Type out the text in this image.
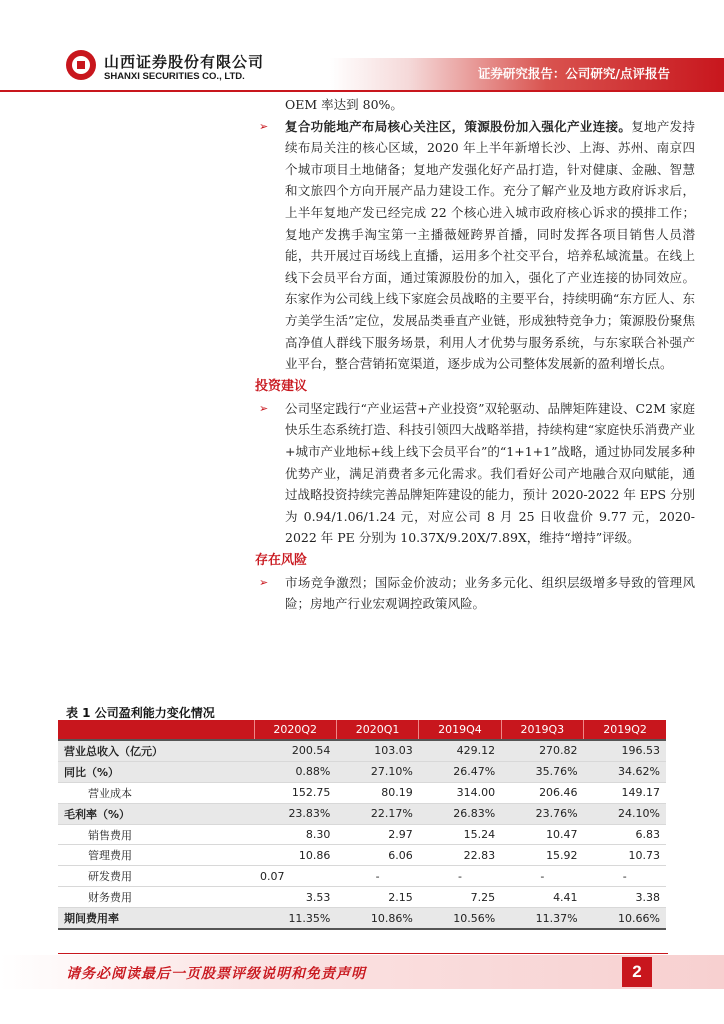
山西证券股份有限公司
SHANXI SECURITIES CO., LTD.	证券研究报告：公司研究/点评报告
OEM 率达到 80%。
➢ 复合功能地产布局核心关注区，策源股份加入强化产业连接。复地产发持续布局关注的核心区域，2020 年上半年新增长沙、上海、苏州、南京四个城市项目土地储备；复地产发强化好产品打造，针对健康、金融、智慧和文旅四个方向开展产品力建设工作。充分了解产业及地方政府诉求后，上半年复地产发已经完成 22 个核心进入城市政府核心诉求的摸排工作；复地产发携手淘宝第一主播薇娅跨界首播，同时发挥各项目销售人员潜能，共开展过百场线上直播，运用多个社交平台，培养私域流量。在线上线下会员平台方面，通过策源股份的加入，强化了产业连接的协同效应。东家作为公司线上线下家庭会员战略的主要平台，持续明确“东方匠人、东方美学生活”定位，发展品类垂直产业链，形成独特竞争力；策源股份聚焦高净值人群线下服务场景，利用人才优势与服务系统，与东家联合补强产业平台，整合营销拓宽渠道，逐步成为公司整体发展新的盈利增长点。
投资建议
➢ 公司坚定践行“产业运营+产业投资”双轮驱动、品牌矩阵建设、C2M 家庭快乐生态系统打造、科技引领四大战略举措，持续构建“家庭快乐消费产业+城市产业地标+线上线下会员平台”的“1+1+1”战略，通过协同发展多种优势产业，满足消费者多元化需求。我们看好公司产地融合双向赋能，通过战略投资持续完善品牌矩阵建设的能力，预计 2020-2022 年 EPS 分别为 0.94/1.06/1.24 元，对应公司 8 月 25 日收盘价 9.77 元，2020-2022 年 PE 分别为 10.37X/9.20X/7.89X，维持“增持”评级。
存在风险
➢ 市场竞争激烈；国际金价波动；业务多元化、组织层级增多导致的管理风险；房地产行业宏观调控政策风险。
表 1 公司盈利能力变化情况
	2020Q2	2020Q1	2019Q4	2019Q3	2019Q2
营业总收入（亿元）	200.54	103.03	429.12	270.82	196.53
同比（%）	0.88%	27.10%	26.47%	35.76%	34.62%
营业成本	152.75	80.19	314.00	206.46	149.17
毛利率（%）	23.83%	22.17%	26.83%	23.76%	24.10%
销售费用	8.30	2.97	15.24	10.47	6.83
管理费用	10.86	6.06	22.83	15.92	10.73
研发费用	0.07	-	-	-	-
财务费用	3.53	2.15	7.25	4.41	3.38
期间费用率	11.35%	10.86%	10.56%	11.37%	10.66%
请务必阅读最后一页股票评级说明和免责声明	2
